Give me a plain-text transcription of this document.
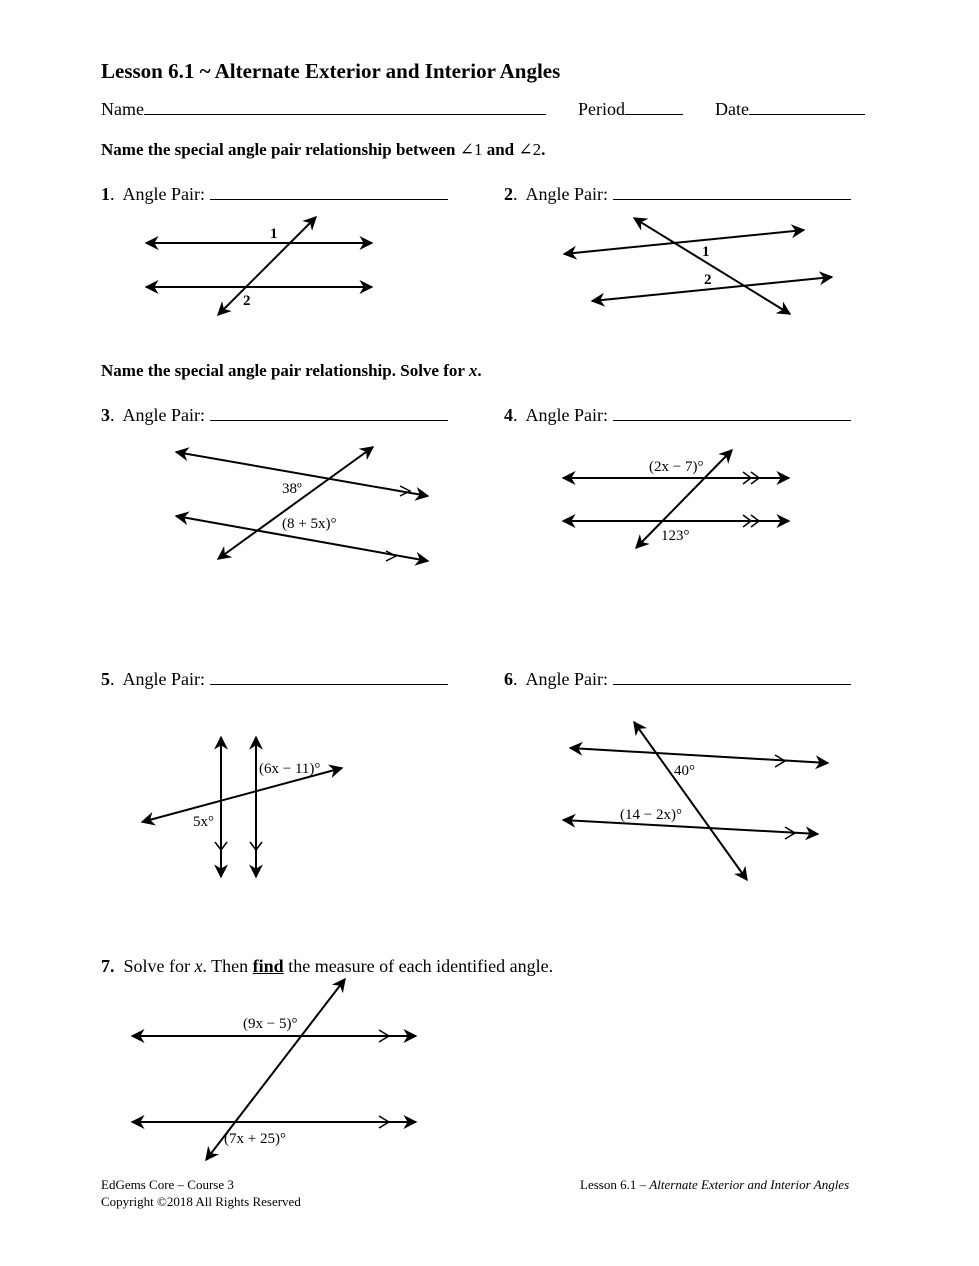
Lesson 6.1 ~ Alternate Exterior and Interior Angles
Name	Period	Date
Name the special angle pair relationship between ∠1 and ∠2.
1.  Angle Pair:
1
2
2.  Angle Pair:
1
2
Name the special angle pair relationship. Solve for x.
3.  Angle Pair:
38º
(8 + 5x)°
4.  Angle Pair:
(2x − 7)°
123°
5.  Angle Pair:
(6x − 11)°
5x°
6.  Angle Pair:
40°
(14 − 2x)°
7. Solve for x. Then find the measure of each identified angle.
(9x − 5)°
(7x + 25)°
EdGems Core – Course 3
Copyright ©2018 All Rights Reserved
Lesson 6.1 – Alternate Exterior and Interior Angles
